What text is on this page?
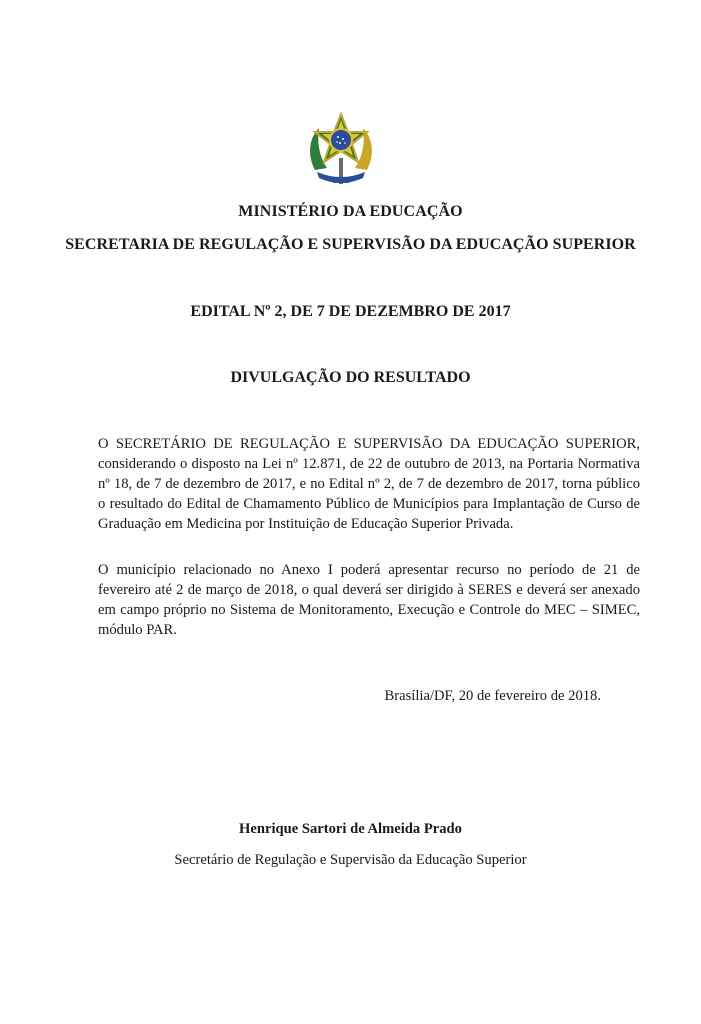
MINISTÉRIO DA EDUCAÇÃO
SECRETARIA DE REGULAÇÃO E SUPERVISÃO DA EDUCAÇÃO SUPERIOR
EDITAL Nº 2, DE 7 DE DEZEMBRO DE 2017
DIVULGAÇÃO DO RESULTADO
O SECRETÁRIO DE REGULAÇÃO E SUPERVISÃO DA EDUCAÇÃO SUPERIOR, considerando o disposto na Lei nº 12.871, de 22 de outubro de 2013, na Portaria Normativa nº 18, de 7 de dezembro de 2017, e no Edital nº 2, de 7 de dezembro de 2017, torna público o resultado do Edital de Chamamento Público de Municípios para Implantação de Curso de Graduação em Medicina por Instituição de Educação Superior Privada.
O município relacionado no Anexo I poderá apresentar recurso no período de 21 de fevereiro até 2 de março de 2018, o qual deverá ser dirigido à SERES e deverá ser anexado em campo próprio no Sistema de Monitoramento, Execução e Controle do MEC – SIMEC, módulo PAR.
Brasília/DF, 20 de fevereiro de 2018.
Henrique Sartori de Almeida Prado
Secretário de Regulação e Supervisão da Educação Superior
